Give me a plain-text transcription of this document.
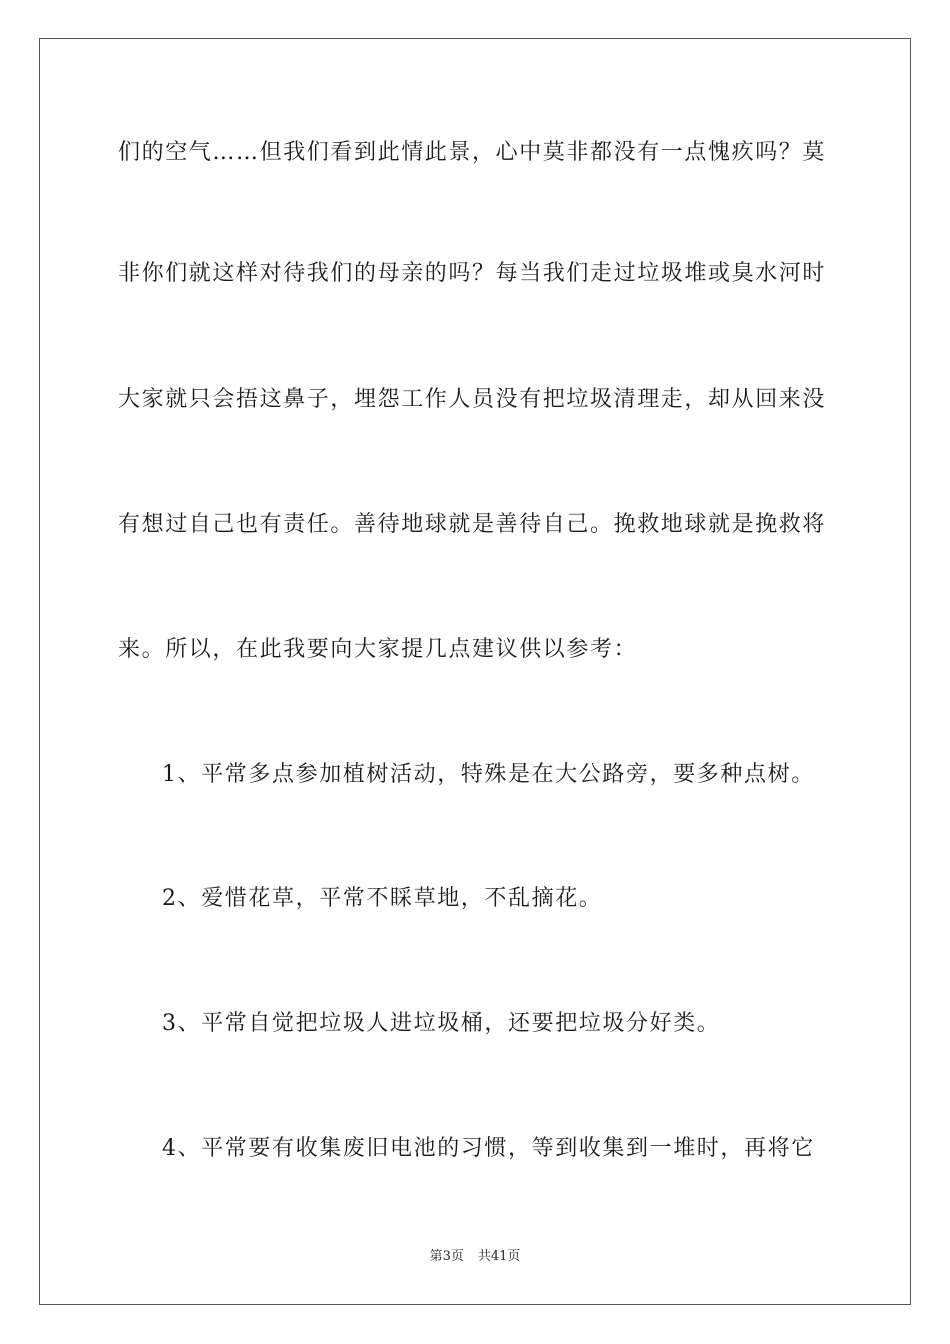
们的空气……但我们看到此情此景，心中莫非都没有一点愧疚吗？莫
非你们就这样对待我们的母亲的吗？每当我们走过垃圾堆或臭水河时
大家就只会捂这鼻子，埋怨工作人员没有把垃圾清理走，却从回来没
有想过自己也有责任。善待地球就是善待自己。挽救地球就是挽救将
来。所以，在此我要向大家提几点建议供以参考：
1、平常多点参加植树活动，特殊是在大公路旁，要多种点树。
2、爱惜花草，平常不睬草地，不乱摘花。
3、平常自觉把垃圾人进垃圾桶，还要把垃圾分好类。
4、平常要有收集废旧电池的习惯，等到收集到一堆时，再将它
第3页 共41页
